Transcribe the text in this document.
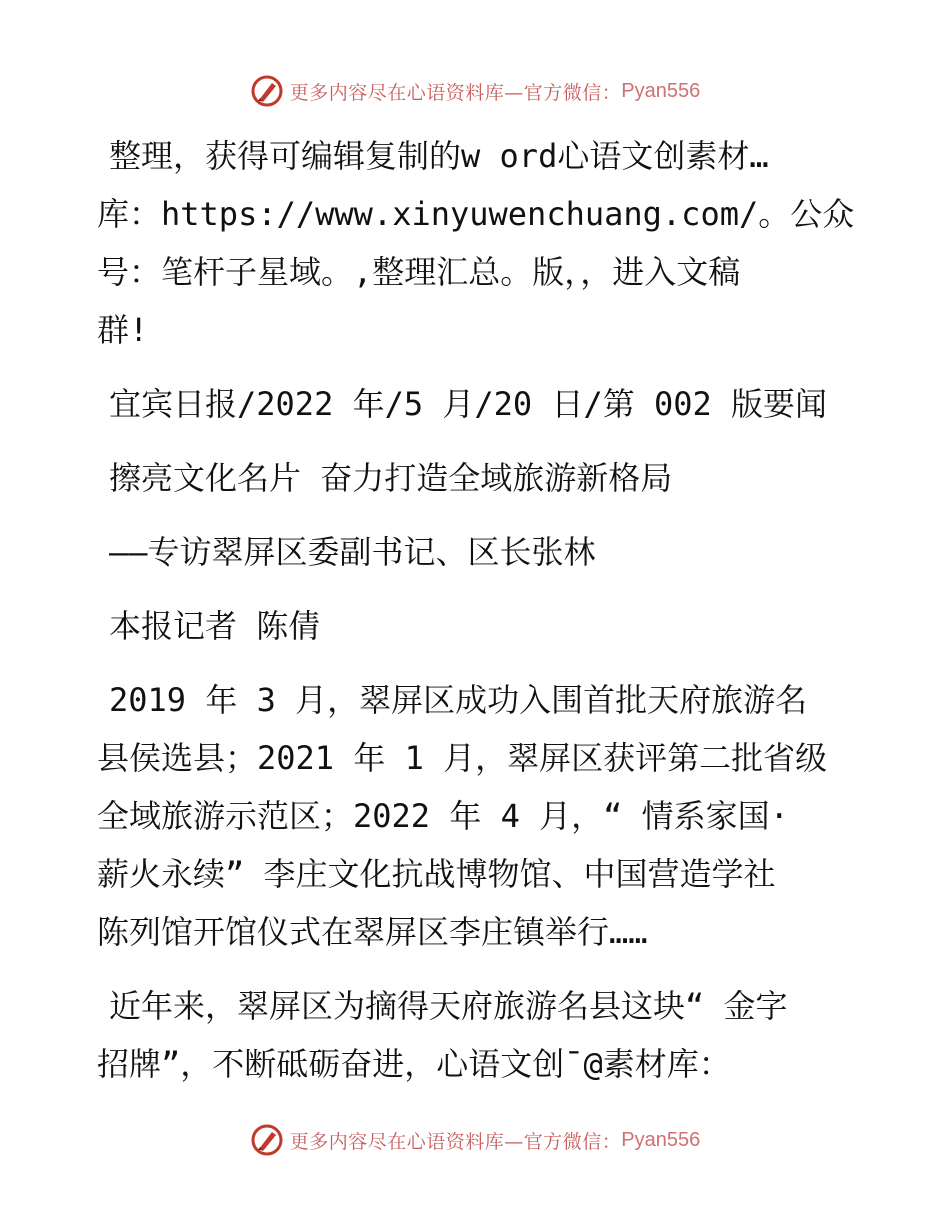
更多内容尽在心语资料库—官方微信： Pyan556
整理，获得可编辑复制的w ord心语文创素材…
库：https://www.xinyuwenchuang.com/。公众
号：笔杆子星域。,整理汇总。版，，进入文稿
群!
宜宾日报/2022 年/5 月/20 日/第 002 版要闻
擦亮文化名片 奋力打造全域旅游新格局
——专访翠屏区委副书记、区长张林
本报记者 陈倩
2019 年 3 月，翠屏区成功入围首批天府旅游名
县侯选县；2021 年 1 月，翠屏区获评第二批省级
全域旅游示范区；2022 年 4 月，“ 情系家国·
薪火永续” 李庄文化抗战博物馆、中国营造学社
陈列馆开馆仪式在翠屏区李庄镇举行……
近年来，翠屏区为摘得天府旅游名县这块“ 金字
招牌”，不断砥砺奋进，心语文创¯@素材库：
更多内容尽在心语资料库—官方微信： Pyan556
